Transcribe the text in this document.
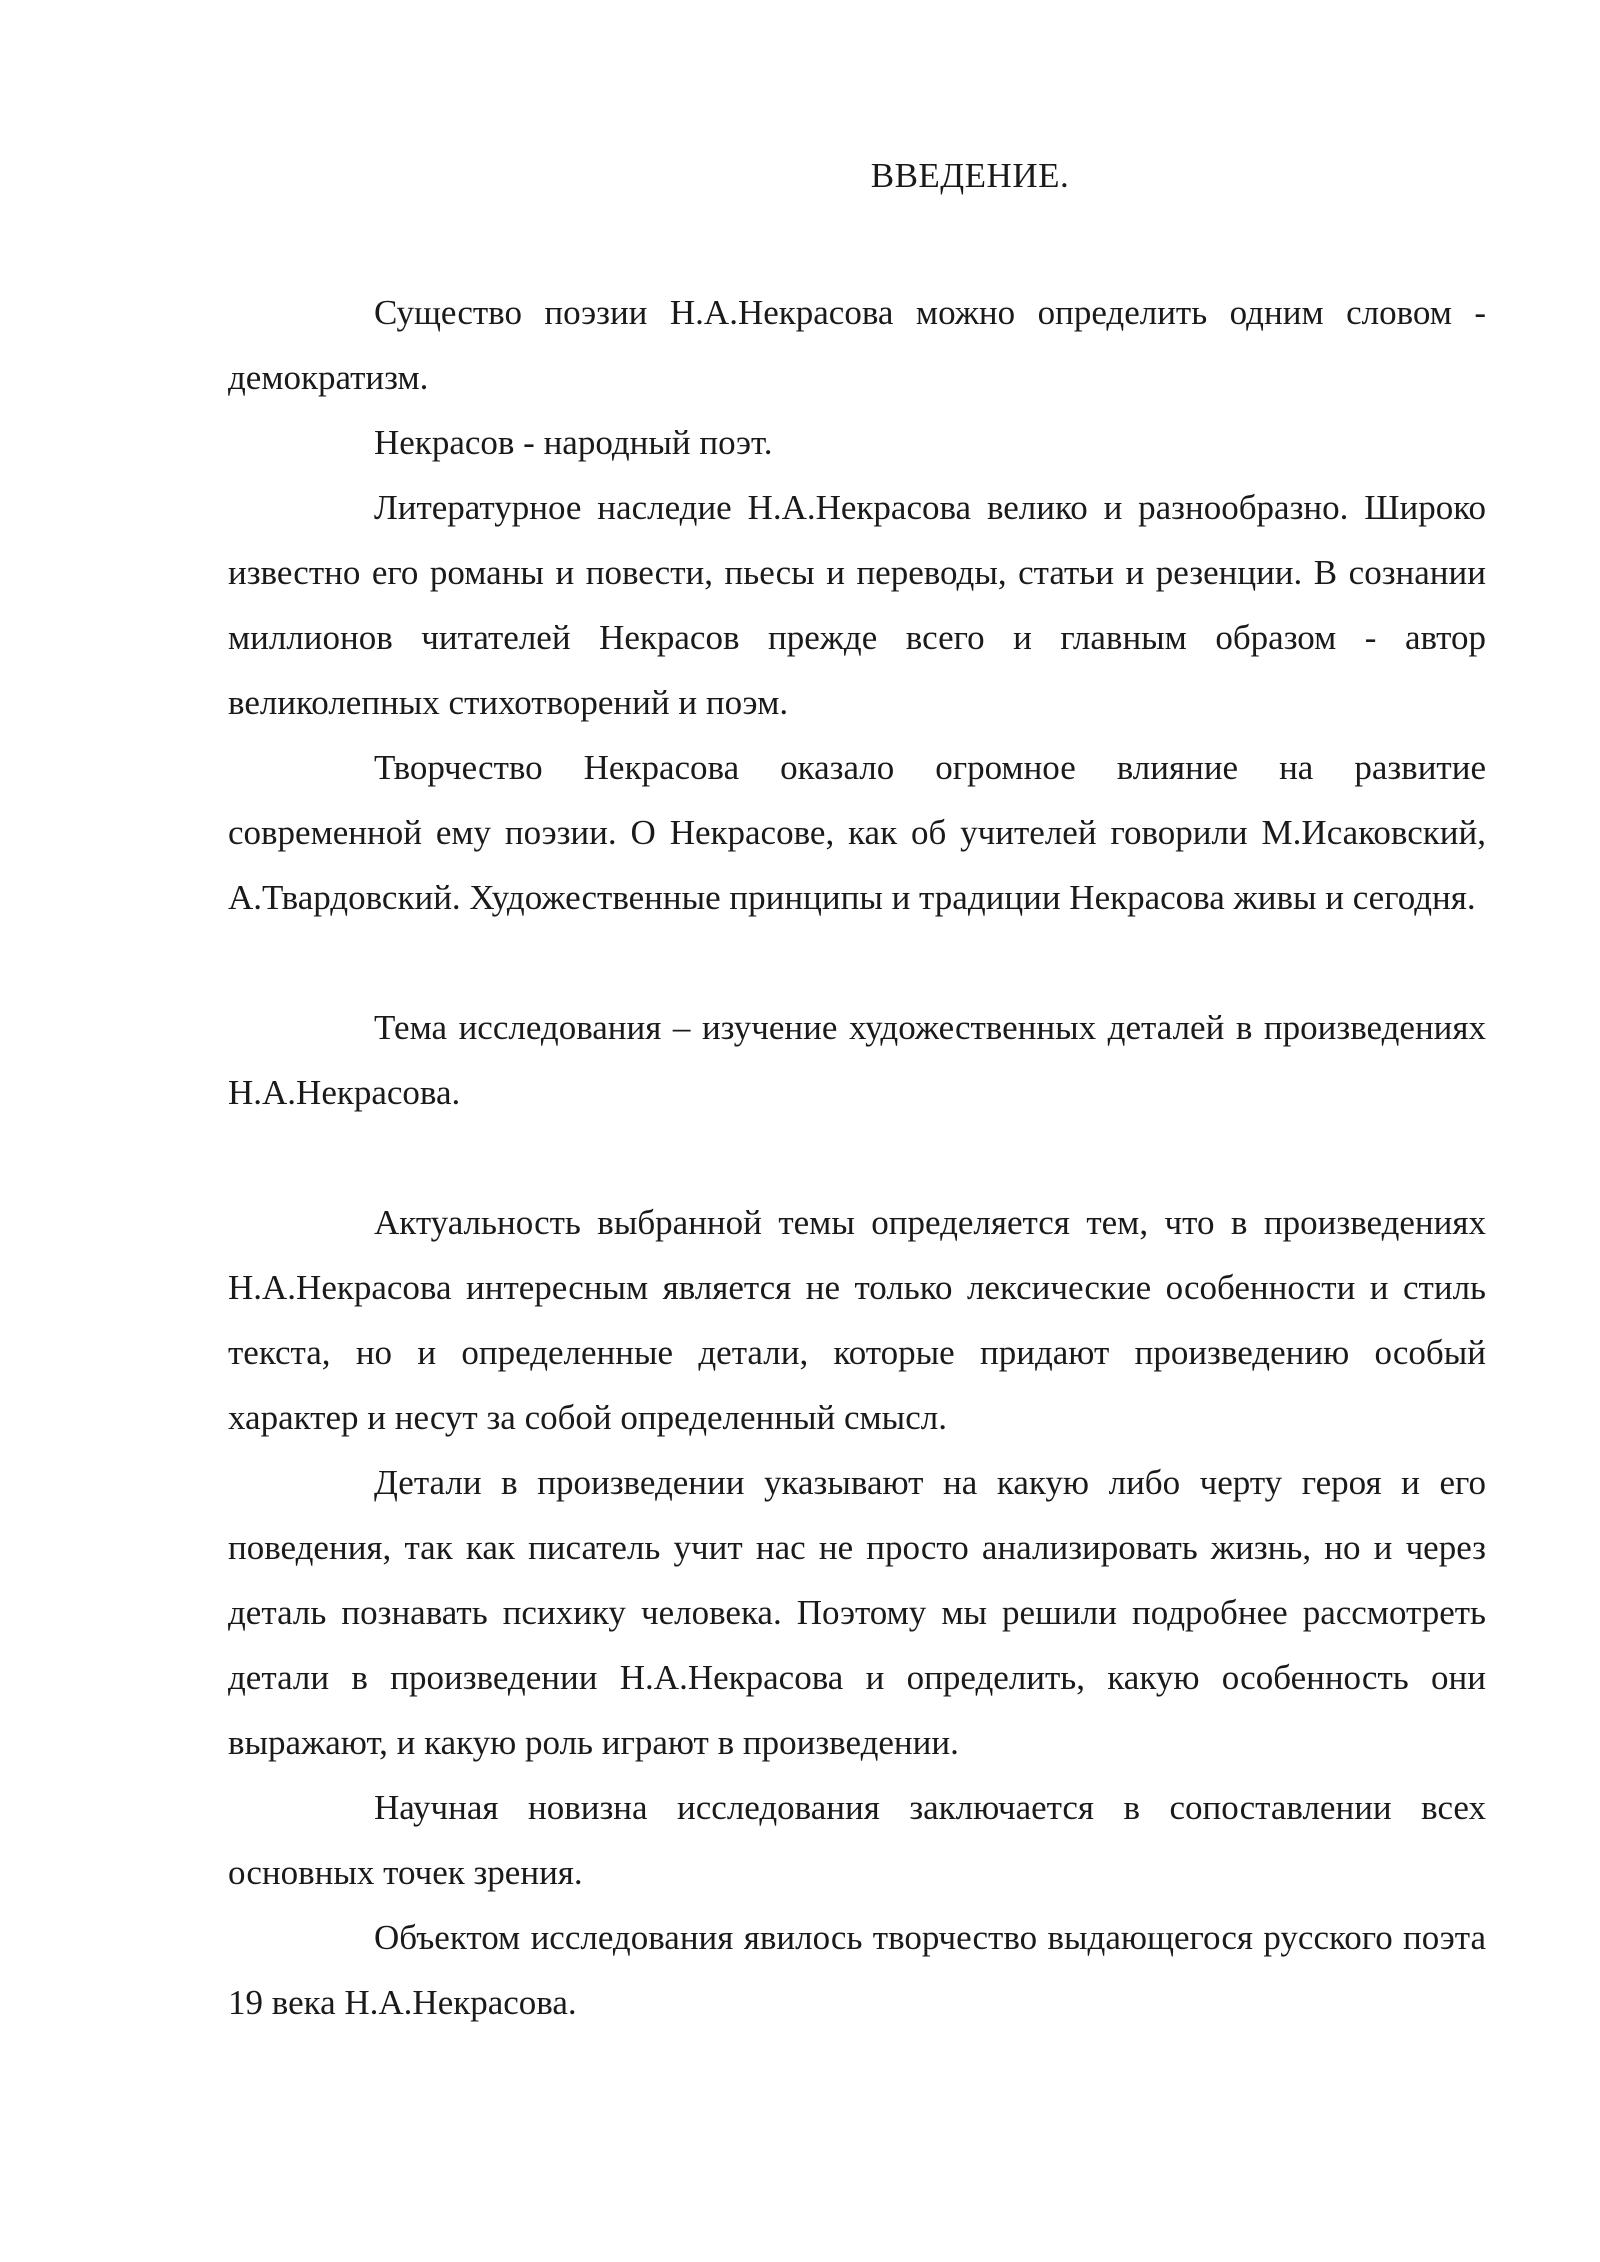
ВВЕДЕНИЕ.

Существо поэзии Н.А.Некрасова можно определить одним словом - демократизм.

Некрасов - народный поэт.

Литературное наследие Н.А.Некрасова велико и разнообразно. Широко известно его романы и повести, пьесы и переводы, статьи и резенции. В сознании миллионов читателей Некрасов прежде всего и главным образом - автор великолепных стихотворений и поэм.

Творчество Некрасова оказало огромное влияние на развитие современной ему поэзии. О Некрасове, как об учителей говорили М.Исаковский, А.Твардовский. Художественные принципы и традиции Некрасова живы и сегодня.

Тема исследования – изучение художественных деталей в произведениях Н.А.Некрасова.

Актуальность выбранной темы определяется тем, что в произведениях Н.А.Некрасова интересным является не только лексические особенности и стиль текста, но и определенные детали, которые придают произведению особый характер и несут за собой определенный смысл.

Детали в произведении указывают на какую либо черту героя и его поведения, так как писатель учит нас не просто анализировать жизнь, но и через деталь познавать психику человека. Поэтому мы решили подробнее рассмотреть детали в произведении Н.А.Некрасова и определить, какую особенность они выражают, и какую роль играют в произведении.

Научная новизна исследования заключается в сопоставлении всех основных точек зрения.

Объектом исследования явилось творчество выдающегося русского поэта 19 века Н.А.Некрасова.
